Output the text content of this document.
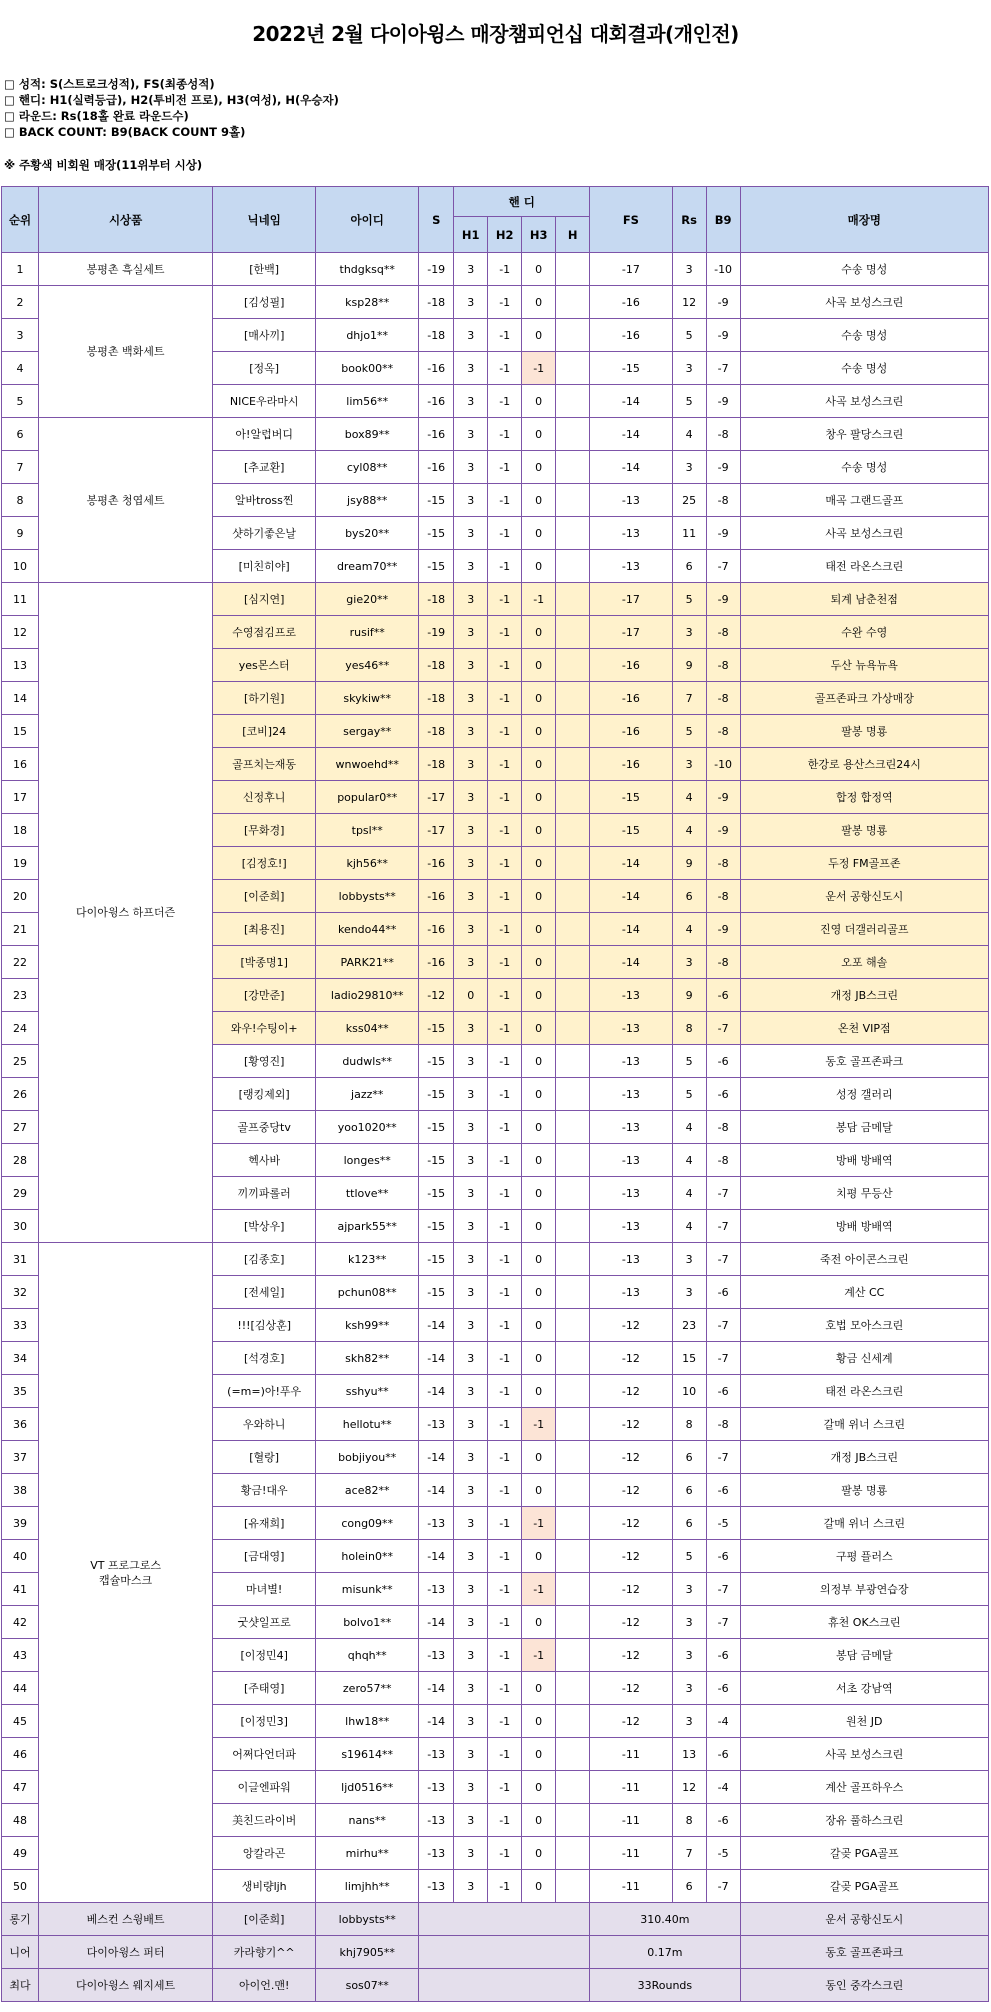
2022년 2월 다이아윙스 매장챔피언십 대회결과(개인전)
□ 성적: S(스트로크성적), FS(최종성적)
□ 핸디: H1(실력등급), H2(투비전 프로), H3(여성), H(우승자)
□ 라운드: Rs(18홀 완료 라운드수)
□ BACK COUNT: B9(BACK COUNT 9홀)
※ 주황색 비회원 매장(11위부터 시상)
순위	시상품	닉네임	아이디	S	핸 디				FS	Rs	B9	매장명
					H1	H2	H3	H				
1	봉평촌 흑실세트	[한백]	thdgksq**	-19	3	-1	0		-17	3	-10	수송 명성
2	봉평촌 백화세트	[김성필]	ksp28**	-18	3	-1	0		-16	12	-9	사곡 보성스크린
3		[매사끼]	dhjo1**	-18	3	-1	0		-16	5	-9	수송 명성
4		[정옥]	book00**	-16	3	-1	-1		-15	3	-7	수송 명성
5		NICE우라마시	lim56**	-16	3	-1	0		-14	5	-9	사곡 보성스크린
6	봉평촌 청엽세트	아!알럽버디	box89**	-16	3	-1	0		-14	4	-8	창우 팔당스크린
7		[추교환]	cyl08**	-16	3	-1	0		-14	3	-9	수송 명성
8		알바tross찐	jsy88**	-15	3	-1	0		-13	25	-8	매곡 그랜드골프
9		샷하기좋은날	bys20**	-15	3	-1	0		-13	11	-9	사곡 보성스크린
10		[미친히야]	dream70**	-15	3	-1	0		-13	6	-7	태전 라온스크린
11	다이아윙스 하프더즌	[심지연]	gie20**	-18	3	-1	-1		-17	5	-9	퇴계 남춘천점
12		수영점김프로	rusif**	-19	3	-1	0		-17	3	-8	수완 수영
13		yes몬스터	yes46**	-18	3	-1	0		-16	9	-8	두산 뉴욕뉴욕
14		[하기원]	skykiw**	-18	3	-1	0		-16	7	-8	골프존파크 가상매장
15		[코비]24	sergay**	-18	3	-1	0		-16	5	-8	팔봉 명룡
16		골프치는재동	wnwoehd**	-18	3	-1	0		-16	3	-10	한강로 용산스크린24시
17		신정후니	popular0**	-17	3	-1	0		-15	4	-9	합정 합정역
18		[무화경]	tpsl**	-17	3	-1	0		-15	4	-9	팔봉 명룡
19		[김정호!]	kjh56**	-16	3	-1	0		-14	9	-8	두정 FM골프존
20		[이준희]	lobbysts**	-16	3	-1	0		-14	6	-8	운서 공항신도시
21		[최용진]	kendo44**	-16	3	-1	0		-14	4	-9	진영 더갤러리골프
22		[박종명1]	PARK21**	-16	3	-1	0		-14	3	-8	오포 해솔
23		[강만준]	ladio29810**	-12	0	-1	0		-13	9	-6	개정 JB스크린
24		와우!수팅이+	kss04**	-15	3	-1	0		-13	8	-7	온천 VIP점
25		[황영진]	dudwls**	-15	3	-1	0		-13	5	-6	동호 골프존파크
26		[랭킹제외]	jazz**	-15	3	-1	0		-13	5	-6	성정 갤러리
27		골프중당tv	yoo1020**	-15	3	-1	0		-13	4	-8	봉담 금메달
28		헥사바	longes**	-15	3	-1	0		-13	4	-8	방배 방배역
29		끼끼파롤러	ttlove**	-15	3	-1	0		-13	4	-7	치평 무등산
30		[박상우]	ajpark55**	-15	3	-1	0		-13	4	-7	방배 방배역
31	VT 프로그로스
캡슐마스크	[김종호]	k123**	-15	3	-1	0		-13	3	-7	죽전 아이콘스크린
32		[전세일]	pchun08**	-15	3	-1	0		-13	3	-6	계산 CC
33		!!![김상훈]	ksh99**	-14	3	-1	0		-12	23	-7	호법 모아스크린
34		[석경호]	skh82**	-14	3	-1	0		-12	15	-7	황금 신세계
35		(=m=)아!푸우	sshyu**	-14	3	-1	0		-12	10	-6	태전 라온스크린
36		우와하니	hellotu**	-13	3	-1	-1		-12	8	-8	갈매 위너 스크린
37		[혈랑]	bobjiyou**	-14	3	-1	0		-12	6	-7	개정 JB스크린
38		황금!대우	ace82**	-14	3	-1	0		-12	6	-6	팔봉 명룡
39		[유재희]	cong09**	-13	3	-1	-1		-12	6	-5	갈매 위너 스크린
40		[금대영]	holein0**	-14	3	-1	0		-12	5	-6	구평 플러스
41		마녀별!	misunk**	-13	3	-1	-1		-12	3	-7	의정부 부광연습장
42		굿샷일프로	bolvo1**	-14	3	-1	0		-12	3	-7	휴천 OK스크린
43		[이정민4]	qhqh**	-13	3	-1	-1		-12	3	-6	봉담 금메달
44		[주태영]	zero57**	-14	3	-1	0		-12	3	-6	서초 강남역
45		[이정민3]	lhw18**	-14	3	-1	0		-12	3	-4	원천 JD
46		어쩌다언더파	s19614**	-13	3	-1	0		-11	13	-6	사곡 보성스크린
47		이글엔파워	ljd0516**	-13	3	-1	0		-11	12	-4	계산 골프하우스
48		美친드라이버	nans**	-13	3	-1	0		-11	8	-6	장유 풀하스크린
49		앙칼라곤	mirhu**	-13	3	-1	0		-11	7	-5	갈곶 PGA골프
50		생비량ljh	limjhh**	-13	3	-1	0		-11	6	-7	갈곶 PGA골프
롱기	베스컨 스윙배트	[이준희]	lobbysts**						310.40m			운서 공항신도시
니어	다이아윙스 퍼터	카라향기^^	khj7905**						0.17m			동호 골프존파크
최다	다이아윙스 웨지세트	아이언.맨!	sos07**						33Rounds			동인 중각스크린
